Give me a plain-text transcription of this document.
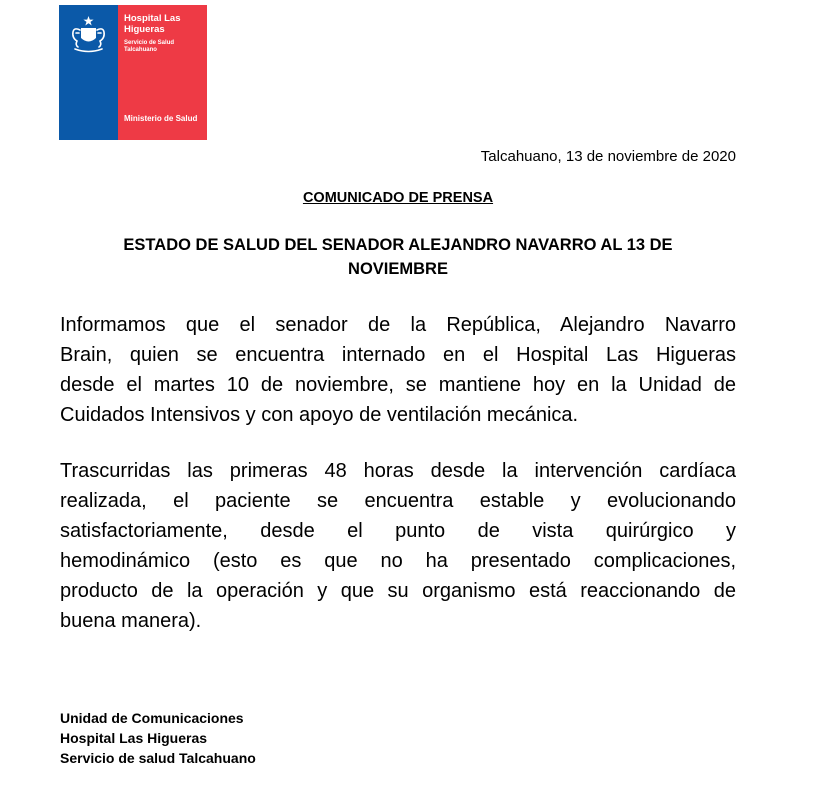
Hospital Las Higueras
Servicio de Salud Talcahuano
Ministerio de Salud
Talcahuano, 13 de noviembre de 2020
COMUNICADO DE PRENSA
ESTADO DE SALUD DEL SENADOR ALEJANDRO NAVARRO AL 13 DE NOVIEMBRE
Informamos que el senador de la República, Alejandro Navarro
Brain, quien se encuentra internado en el Hospital Las Higueras
desde el martes 10 de noviembre, se mantiene hoy en la Unidad de
Cuidados Intensivos y con apoyo de ventilación mecánica.
Trascurridas las primeras 48 horas desde la intervención cardíaca
realizada, el paciente se encuentra estable y evolucionando
satisfactoriamente, desde el punto de vista quirúrgico y
hemodinámico (esto es que no ha presentado complicaciones,
producto de la operación y que su organismo está reaccionando de
buena manera).
Unidad de Comunicaciones
Hospital Las Higueras
Servicio de salud Talcahuano
